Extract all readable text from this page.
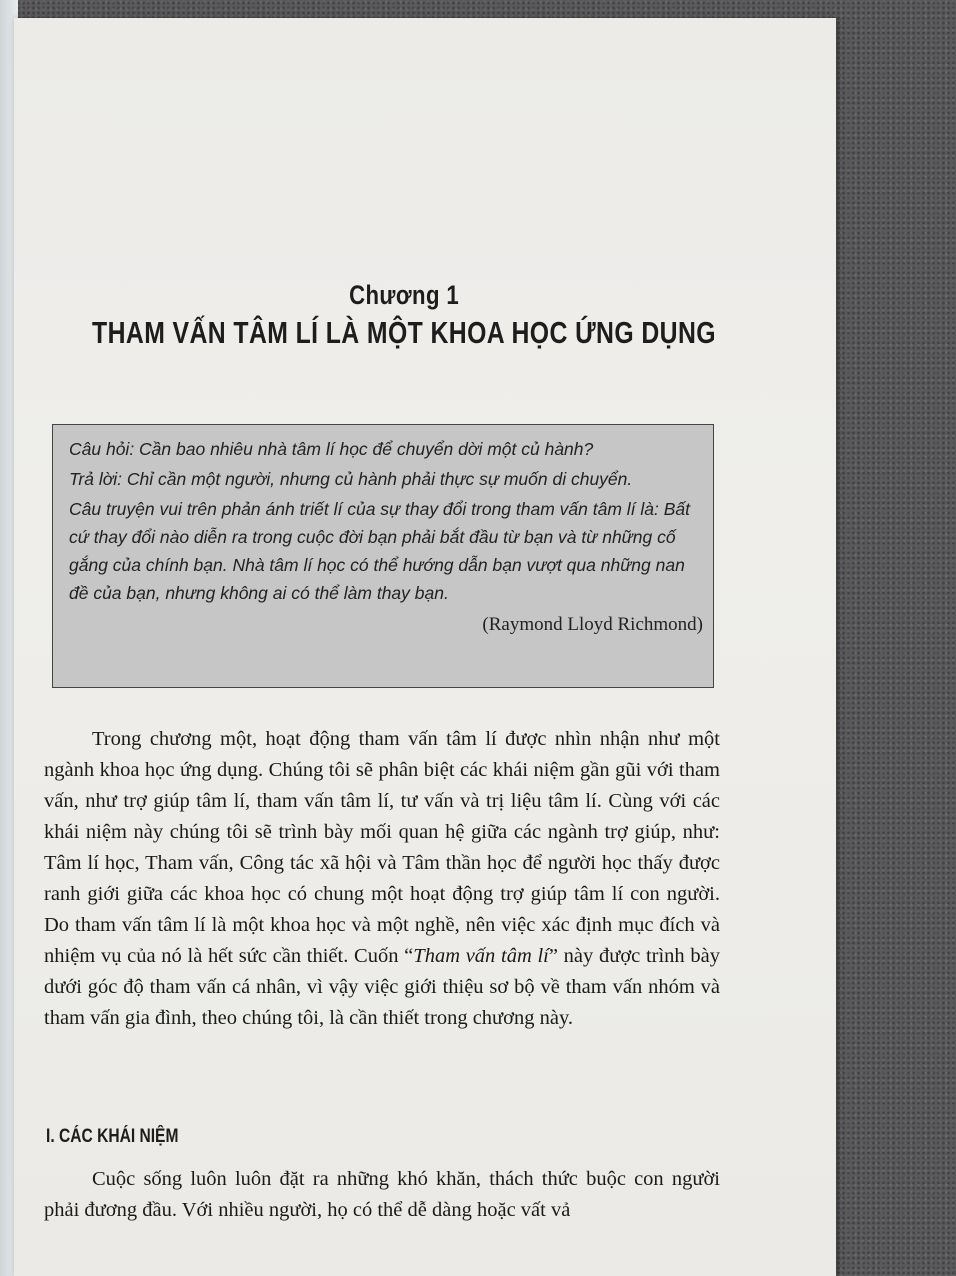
Chương 1
THAM VẤN TÂM LÍ LÀ MỘT KHOA HỌC ỨNG DỤNG

Câu hỏi: Cần bao nhiêu nhà tâm lí học để chuyển dời một củ hành?

Trả lời: Chỉ cần một người, nhưng củ hành phải thực sự muốn di chuyển.

Câu truyện vui trên phản ánh triết lí của sự thay đổi trong tham vấn tâm lí là: Bất cứ thay đổi nào diễn ra trong cuộc đời bạn phải bắt đầu từ bạn và từ những cố gắng của chính bạn. Nhà tâm lí học có thể hướng dẫn bạn vượt qua những nan đề của bạn, nhưng không ai có thể làm thay bạn.

(Raymond Lloyd Richmond)

Trong chương một, hoạt động tham vấn tâm lí được nhìn nhận như một ngành khoa học ứng dụng. Chúng tôi sẽ phân biệt các khái niệm gần gũi với tham vấn, như trợ giúp tâm lí, tham vấn tâm lí, tư vấn và trị liệu tâm lí. Cùng với các khái niệm này chúng tôi sẽ trình bày mối quan hệ giữa các ngành trợ giúp, như: Tâm lí học, Tham vấn, Công tác xã hội và Tâm thần học để người học thấy được ranh giới giữa các khoa học có chung một hoạt động trợ giúp tâm lí con người. Do tham vấn tâm lí là một khoa học và một nghề, nên việc xác định mục đích và nhiệm vụ của nó là hết sức cần thiết. Cuốn “Tham vấn tâm lí” này được trình bày dưới góc độ tham vấn cá nhân, vì vậy việc giới thiệu sơ bộ về tham vấn nhóm và tham vấn gia đình, theo chúng tôi, là cần thiết trong chương này.

I. CÁC KHÁI NIỆM

Cuộc sống luôn luôn đặt ra những khó khăn, thách thức buộc con người phải đương đầu. Với nhiều người, họ có thể dễ dàng hoặc vất vả
